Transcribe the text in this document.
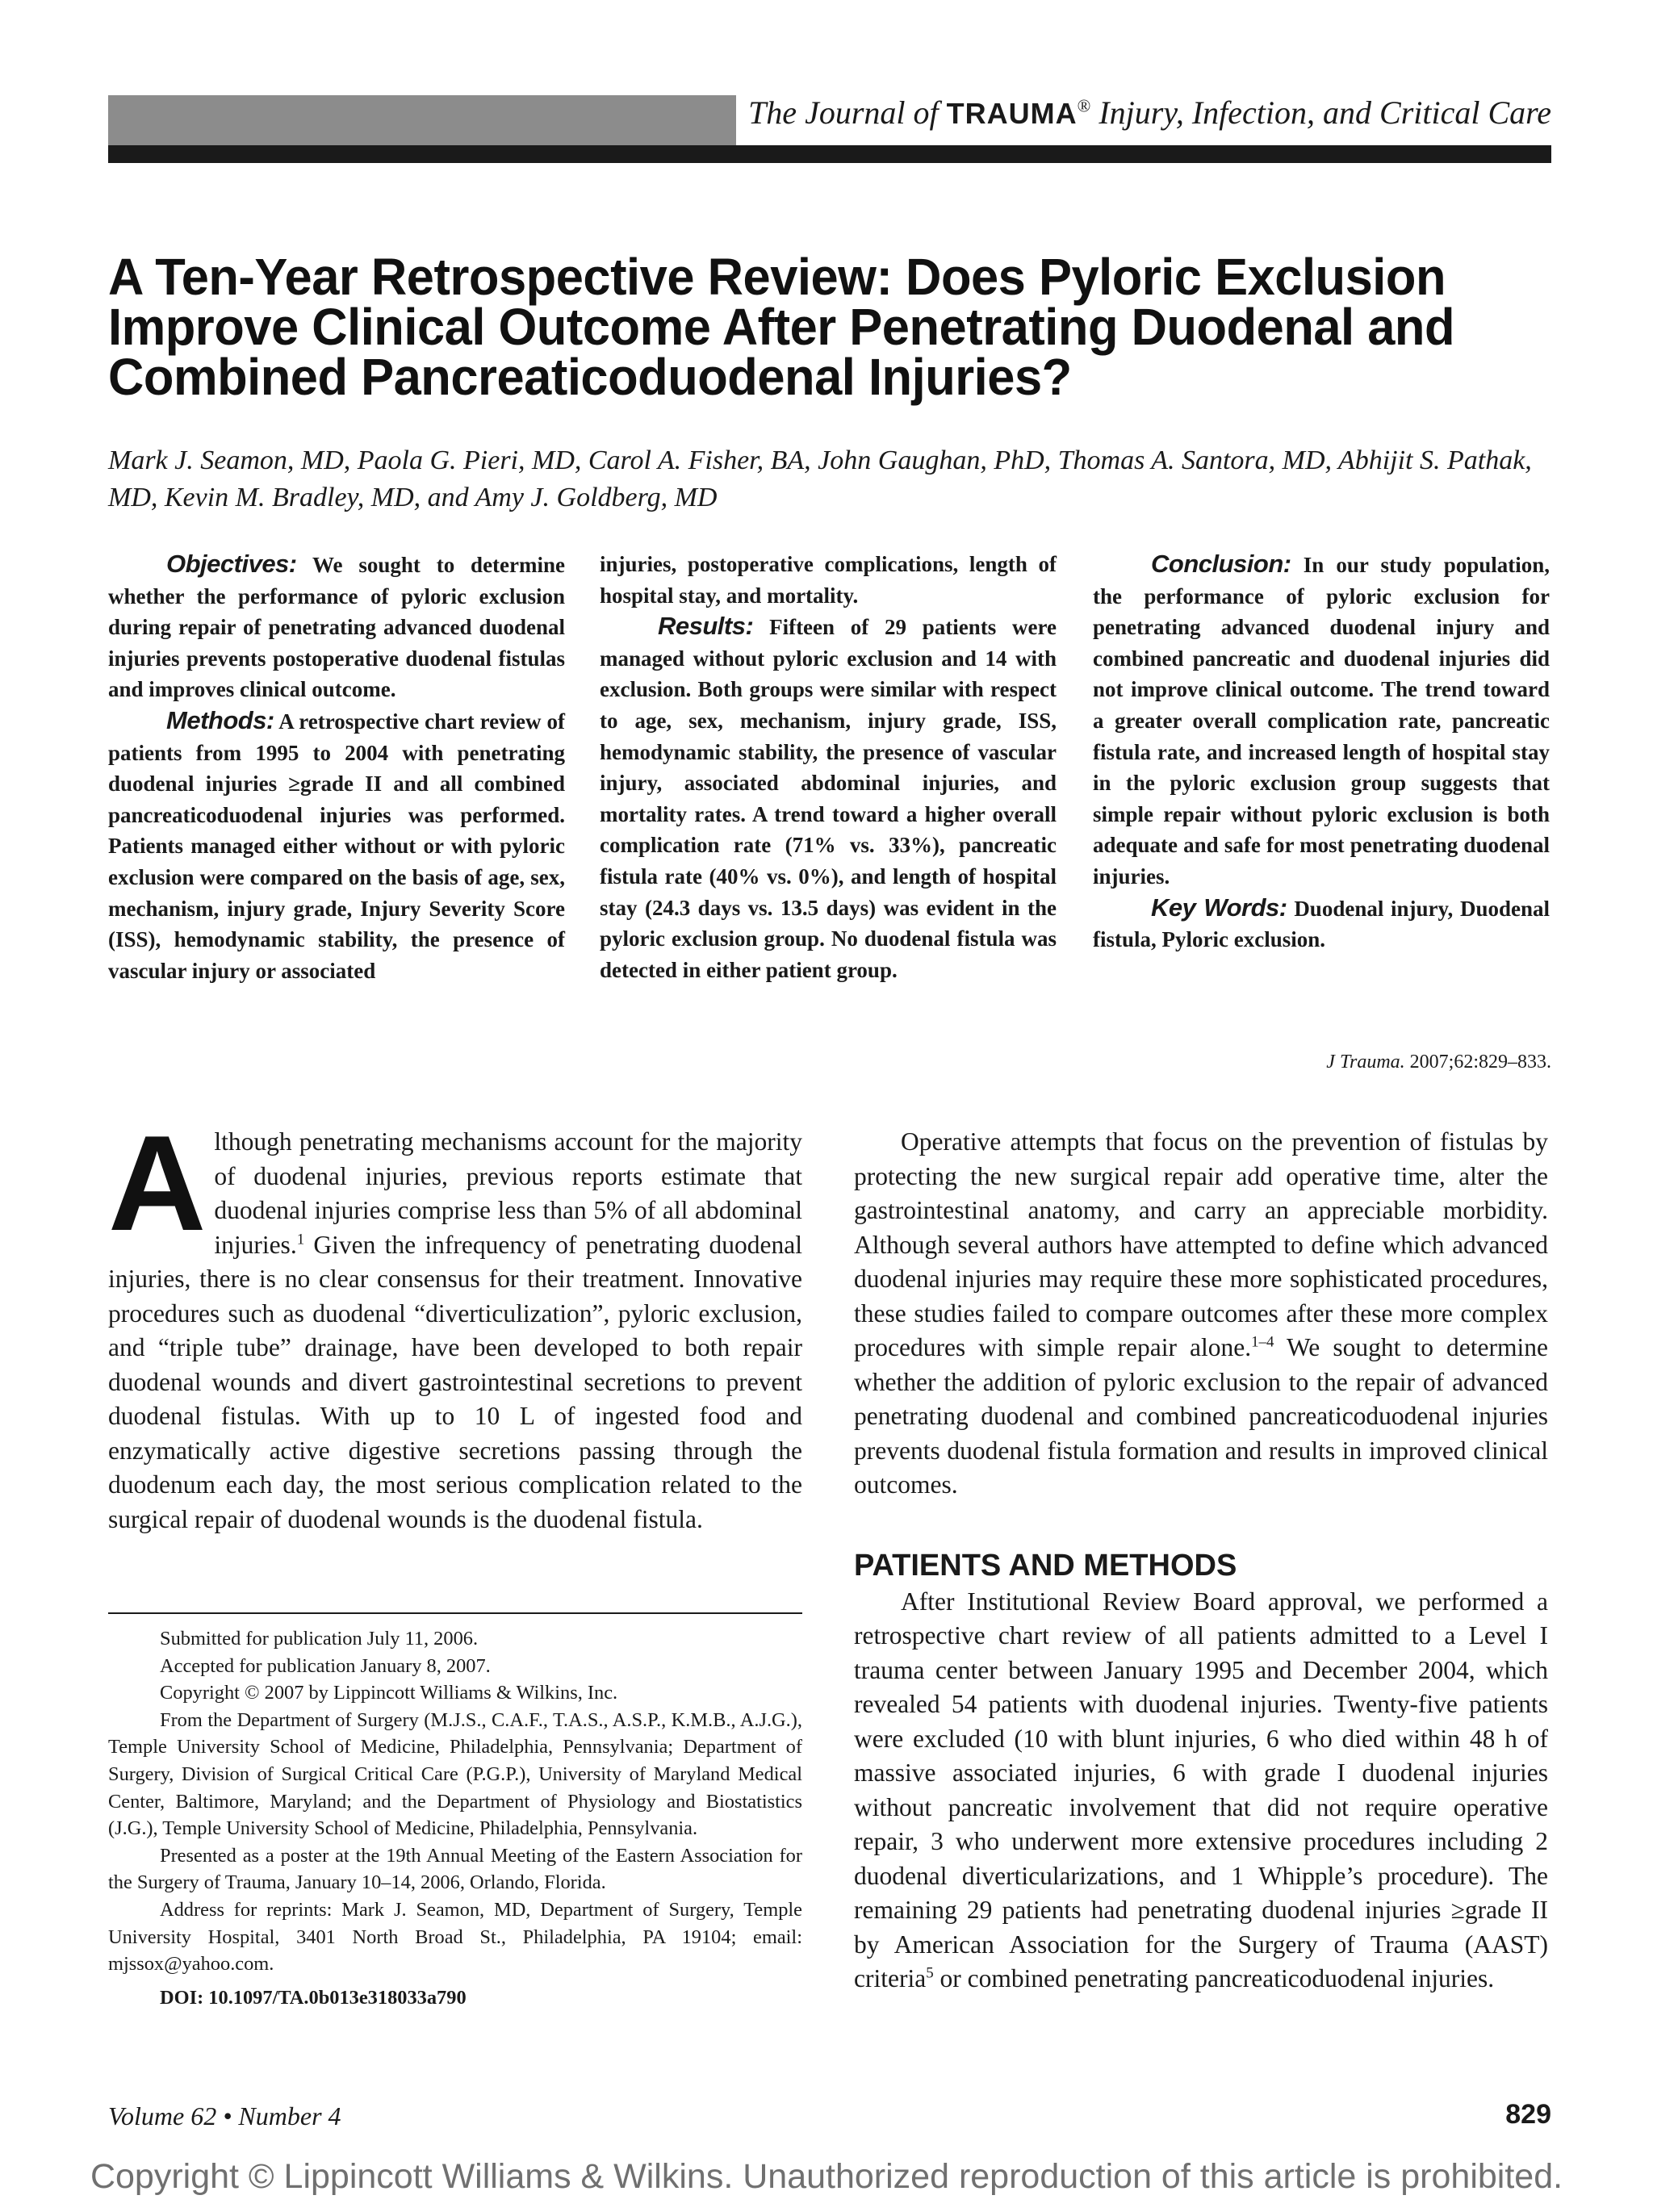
The Journal of TRAUMA® Injury, Infection, and Critical Care
A Ten-Year Retrospective Review: Does Pyloric Exclusion Improve Clinical Outcome After Penetrating Duodenal and Combined Pancreaticoduodenal Injuries?
Mark J. Seamon, MD, Paola G. Pieri, MD, Carol A. Fisher, BA, John Gaughan, PhD, Thomas A. Santora, MD, Abhijit S. Pathak, MD, Kevin M. Bradley, MD, and Amy J. Goldberg, MD

Objectives: We sought to determine whether the performance of pyloric exclusion during repair of penetrating advanced duodenal injuries prevents postoperative duodenal fistulas and improves clinical outcome.

Methods: A retrospective chart review of patients from 1995 to 2004 with penetrating duodenal injuries ≥grade II and all combined pancreaticoduodenal injuries was performed. Patients managed either without or with pyloric exclusion were compared on the basis of age, sex, mechanism, injury grade, Injury Severity Score (ISS), hemodynamic stability, the presence of vascular injury or associated

injuries, postoperative complications, length of hospital stay, and mortality.

Results: Fifteen of 29 patients were managed without pyloric exclusion and 14 with exclusion. Both groups were similar with respect to age, sex, mechanism, injury grade, ISS, hemodynamic stability, the presence of vascular injury, associated abdominal injuries, and mortality rates. A trend toward a higher overall complication rate (71% vs. 33%), pancreatic fistula rate (40% vs. 0%), and length of hospital stay (24.3 days vs. 13.5 days) was evident in the pyloric exclusion group. No duodenal fistula was detected in either patient group.

Conclusion: In our study population, the performance of pyloric exclusion for penetrating advanced duodenal injury and combined pancreatic and duodenal injuries did not improve clinical outcome. The trend toward a greater overall complication rate, pancreatic fistula rate, and increased length of hospital stay in the pyloric exclusion group suggests that simple repair without pyloric exclusion is both adequate and safe for most penetrating duodenal injuries.

Key Words: Duodenal injury, Duodenal fistula, Pyloric exclusion.

J Trauma. 2007;62:829–833.

Although penetrating mechanisms account for the majority of duodenal injuries, previous reports estimate that duodenal injuries comprise less than 5% of all abdominal injuries.$^1$ Given the infrequency of penetrating duodenal injuries, there is no clear consensus for their treatment. Innovative procedures such as duodenal “diverticulization”, pyloric exclusion, and “triple tube” drainage, have been developed to both repair duodenal wounds and divert gastrointestinal secretions to prevent duodenal fistulas. With up to 10 L of ingested food and enzymatically active digestive secretions passing through the duodenum each day, the most serious complication related to the surgical repair of duodenal wounds is the duodenal fistula.

Submitted for publication July 11, 2006.

Accepted for publication January 8, 2007.

Copyright © 2007 by Lippincott Williams & Wilkins, Inc.

From the Department of Surgery (M.J.S., C.A.F., T.A.S., A.S.P., K.M.B., A.J.G.), Temple University School of Medicine, Philadelphia, Pennsylvania; Department of Surgery, Division of Surgical Critical Care (P.G.P.), University of Maryland Medical Center, Baltimore, Maryland; and the Department of Physiology and Biostatistics (J.G.), Temple University School of Medicine, Philadelphia, Pennsylvania.

Presented as a poster at the 19th Annual Meeting of the Eastern Association for the Surgery of Trauma, January 10–14, 2006, Orlando, Florida.

Address for reprints: Mark J. Seamon, MD, Department of Surgery, Temple University Hospital, 3401 North Broad St., Philadelphia, PA 19104; email: mjssox@yahoo.com.

DOI: 10.1097/TA.0b013e318033a790

Operative attempts that focus on the prevention of fistulas by protecting the new surgical repair add operative time, alter the gastrointestinal anatomy, and carry an appreciable morbidity. Although several authors have attempted to define which advanced duodenal injuries may require these more sophisticated procedures, these studies failed to compare outcomes after these more complex procedures with simple repair alone.$^{1-4}$ We sought to determine whether the addition of pyloric exclusion to the repair of advanced penetrating duodenal and combined pancreaticoduodenal injuries prevents duodenal fistula formation and results in improved clinical outcomes.

PATIENTS AND METHODS

After Institutional Review Board approval, we performed a retrospective chart review of all patients admitted to a Level I trauma center between January 1995 and December 2004, which revealed 54 patients with duodenal injuries. Twenty-five patients were excluded (10 with blunt injuries, 6 who died within 48 h of massive associated injuries, 6 with grade I duodenal injuries without pancreatic involvement that did not require operative repair, 3 who underwent more extensive procedures including 2 duodenal diverticularizations, and 1 Whipple’s procedure). The remaining 29 patients had penetrating duodenal injuries ≥grade II by American Association for the Surgery of Trauma (AAST) criteria$^5$ or combined penetrating pancreaticoduodenal injuries.

Volume 62 • Number 4	829
Copyright © Lippincott Williams & Wilkins. Unauthorized reproduction of this article is prohibited.
